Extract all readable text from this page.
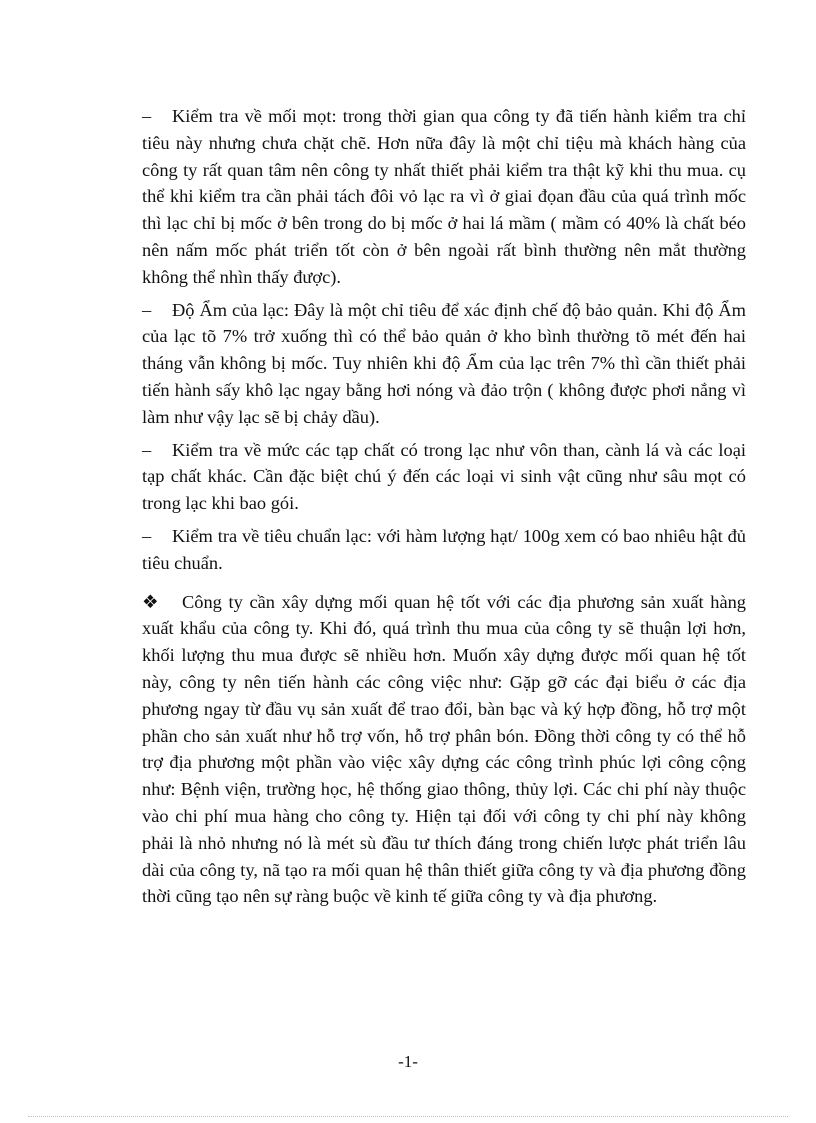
– Kiểm tra về mối mọt: trong thời gian qua công ty đã tiến hành kiểm tra chỉ tiêu này nhưng chưa chặt chẽ. Hơn nữa đây là một chỉ tiệu mà khách hàng của công ty rất quan tâm nên công ty nhất thiết phải kiểm tra thật kỹ khi thu mua. cụ thể khi kiểm tra cần phải tách đôi vỏ lạc ra vì ở giai đọan đầu của quá trình mốc thì lạc chỉ bị mốc ở bên trong do bị mốc ở hai lá mầm ( mầm có 40% là chất béo nên nấm mốc phát triển tốt còn ở bên ngoài rất bình thường nên mắt thường không thể nhìn thấy được).

– Độ Ẩm của lạc: Đây là một chỉ tiêu để xác định chế độ bảo quản. Khi độ Ẩm của lạc tõ 7% trở xuống thì có thể bảo quản ở kho bình thường tõ mét đến hai tháng vẫn không bị mốc. Tuy nhiên khi độ Ẩm của lạc trên 7% thì cần thiết phải tiến hành sấy khô lạc ngay bằng hơi nóng và đảo trộn ( không được phơi nắng vì làm như vậy lạc sẽ bị chảy dầu).

– Kiểm tra về mức các tạp chất có trong lạc như vôn than, cành lá và các loại tạp chất khác. Cần đặc biệt chú ý đến các loại vi sinh vật cũng như sâu mọt có trong lạc khi bao gói.

– Kiểm tra về tiêu chuẩn lạc: với hàm lượng hạt/ 100g xem có bao nhiêu hật đủ tiêu chuẩn.

❖ Công ty cần xây dựng mối quan hệ tốt với các địa phương sản xuất hàng xuất khẩu của công ty. Khi đó, quá trình thu mua của công ty sẽ thuận lợi hơn, khối lượng thu mua được sẽ nhiều hơn. Muốn xây dựng được mối quan hệ tốt này, công ty nên tiến hành các công việc như: Gặp gỡ các đại biểu ở các địa phương ngay từ đầu vụ sản xuất để trao đổi, bàn bạc và ký hợp đồng, hỗ trợ một phần cho sản xuất như hỗ trợ vốn, hỗ trợ phân bón. Đồng thời công ty có thể hỗ trợ địa phương một phần vào việc xây dựng các công trình phúc lợi công cộng như: Bệnh viện, trường học, hệ thống giao thông, thủy lợi. Các chi phí này thuộc vào chi phí mua hàng cho công ty. Hiện tại đối với công ty chi phí này không phải là nhỏ nhưng nó là mét sù đầu tư thích đáng trong chiến lược phát triển lâu dài của công ty, nã tạo ra mối quan hệ thân thiết giữa công ty và địa phương đồng thời cũng tạo nên sự ràng buộc về kinh tế giữa công ty và địa phương.

-1-
